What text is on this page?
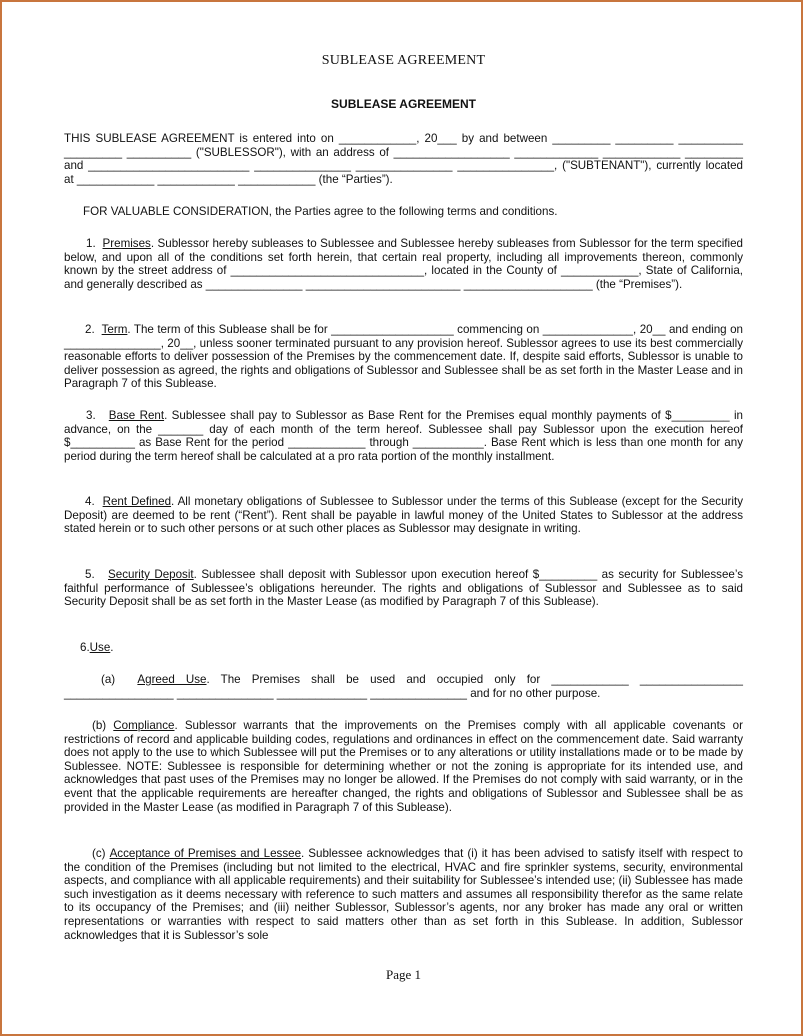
SUBLEASE AGREEMENT
SUBLEASE AGREEMENT

THIS SUBLEASE AGREEMENT is entered into on ____________, 20___ by and between _________ _________ __________ _________ __________ ("SUBLESSOR"), with an address of __________________ _____________ ____________ _________ and _________________________ _______________ _______________ _______________, ("SUBTENANT"), currently located at ____________ ____________ ____________ (the “Parties”).

FOR VALUABLE CONSIDERATION, the Parties agree to the following terms and conditions.

1. Premises. Sublessor hereby subleases to Sublessee and Sublessee hereby subleases from Sublessor for the term specified below, and upon all of the conditions set forth herein, that certain real property, including all improvements thereon, commonly known by the street address of ______________________________, located in the County of ____________, State of California, and generally described as _______________ ________________________ ____________________ (the “Premises”).

2. Term. The term of this Sublease shall be for ___________________ commencing on ______________, 20__ and ending on _______________, 20__, unless sooner terminated pursuant to any provision hereof. Sublessor agrees to use its best commercially reasonable efforts to deliver possession of the Premises by the commencement date. If, despite said efforts, Sublessor is unable to deliver possession as agreed, the rights and obligations of Sublessor and Sublessee shall be as set forth in the Master Lease and in Paragraph 7 of this Sublease.

3. Base Rent. Sublessee shall pay to Sublessor as Base Rent for the Premises equal monthly payments of $_________ in advance, on the _______ day of each month of the term hereof. Sublessee shall pay Sublessor upon the execution hereof $__________ as Base Rent for the period ____________ through ___________. Base Rent which is less than one month for any period during the term hereof shall be calculated at a pro rata portion of the monthly installment.

4. Rent Defined. All monetary obligations of Sublessee to Sublessor under the terms of this Sublease (except for the Security Deposit) are deemed to be rent (“Rent”). Rent shall be payable in lawful money of the United States to Sublessor at the address stated herein or to such other persons or at such other places as Sublessor may designate in writing.

5. Security Deposit. Sublessee shall deposit with Sublessor upon execution hereof $_________ as security for Sublessee’s faithful performance of Sublessee’s obligations hereunder. The rights and obligations of Sublessor and Sublessee as to said Security Deposit shall be as set forth in the Master Lease (as modified by Paragraph 7 of this Sublease).

6.Use.

(a) Agreed Use. The Premises shall be used and occupied only for ____________ ________________ _________________ _______________ ______________ _______________ and for no other purpose.

(b) Compliance. Sublessor warrants that the improvements on the Premises comply with all applicable covenants or restrictions of record and applicable building codes, regulations and ordinances in effect on the commencement date. Said warranty does not apply to the use to which Sublessee will put the Premises or to any alterations or utility installations made or to be made by Sublessee. NOTE: Sublessee is responsible for determining whether or not the zoning is appropriate for its intended use, and acknowledges that past uses of the Premises may no longer be allowed. If the Premises do not comply with said warranty, or in the event that the applicable requirements are hereafter changed, the rights and obligations of Sublessor and Sublessee shall be as provided in the Master Lease (as modified in Paragraph 7 of this Sublease).

(c) Acceptance of Premises and Lessee. Sublessee acknowledges that (i) it has been advised to satisfy itself with respect to the condition of the Premises (including but not limited to the electrical, HVAC and fire sprinkler systems, security, environmental aspects, and compliance with all applicable requirements) and their suitability for Sublessee’s intended use; (ii) Sublessee has made such investigation as it deems necessary with reference to such matters and assumes all responsibility therefor as the same relate to its occupancy of the Premises; and (iii) neither Sublessor, Sublessor’s agents, nor any broker has made any oral or written representations or warranties with respect to said matters other than as set forth in this Sublease. In addition, Sublessor acknowledges that it is Sublessor’s sole

Page 1
